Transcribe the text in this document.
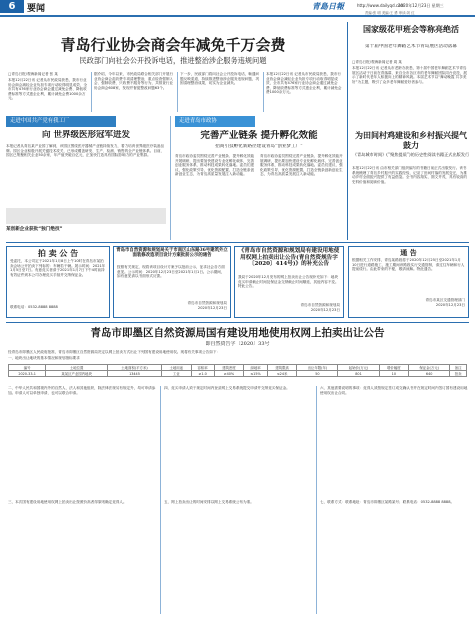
6	要闻	青島日報	http://www.dailyqd.com
2020年12月23日 星期三
责编:张 明 美编:王 勇 审读:刘 红
青岛行业协会商会年减免千万会费
民政部门向社会公开投诉电话，推进整治涉企服务违规问题
□青岛日报/观海新闻记者 张 某
本报12月22日讯 记者从市民政局获悉，我市行业协会商会减轻企业负担专项行动取得明显成效，全市共有476家行业协会商会通过减免会费、降低收费标准等方式惠企让利，累计减免会费1000余万元。
据介绍，今年以来，市民政局联合相关部门开展行业协会商会乱收费专项清理整治，重点检查强制入会、强制收费、只收费不服务等行为，共排查行业协会商会608家，发现并督促整改问题63个。
下一步，民政部门将向社会公开投诉电话，畅通问题反映渠道，持续推进整治涉企服务违规问题，巩固清理整治成果，切实为企业减负。
本报12月22日讯 记者从市民政局获悉，我市行业协会商会减轻企业负担专项行动取得明显成效，全市共有476家行业协会商会通过减免会费、降低收费标准等方式惠企让利，累计减免会费1000余万元。
国家级花甲班会等称亮绝活
第十届中国老年舞蹈艺术节青岛展区活动落幕
□青岛日报/观海新闻记者 周 某
本报12月22日讯 记者从市老龄办获悉，第十届中国老年舞蹈艺术节青岛展区活动于日前在青落幕，来自全市各区市的老年舞蹈团队同台竞技，展示了新时代老年人积极向上的精神风貌。本届艺术节以“舞动晚霞 共享美好”为主题，吸引了众多老年舞蹈爱好者参与。
走进中国共产党有我工厂	走进青岛市政协
向 世界级医形冠军进发
本报记者从青岛某产业园了解到，该园区围绕医疗器械产业链持续发力，着力培育世界级医疗装备品牌。园区企业积极开展关键技术攻关，已形成覆盖研发、生产、检测、销售的全产业链体系。目前，园区已集聚相关企业50余家，年产值突破百亿元，正加快打造具有国际影响力的产业集群。
某创新企业获批“独门绝技”
完善产业链条 提升孵化效能
招商引技孵化新路径建设青岛“创业梦工厂”
青岛市政协委员围绕完善产业链条、提升孵化效能开展调研，提出要加快建设专业化孵化载体，完善创业服务体系，推动科技成果转化落地。委员们建议，强化政策引导，优化资源配置，打造全链条创新创业生态，为青岛高质量发展注入新动能。
青岛市政协委员围绕完善产业链条、提升孵化效能开展调研，提出要加快建设专业化孵化载体，完善创业服务体系，推动科技成果转化落地。委员们建议，强化政策引导，优化资源配置，打造全链条创新创业生态，为青岛高质量发展注入新动能。
为田间村鸡建设和乡村振兴提气鼓力
《青岛城市时间》(“聚焦提质”)的历史性阅读书籍正式出版发行
本报12月22日讯 由市相关部门组织编写的书籍日前正式出版发行。该书系统梳理了青岛乡村振兴的实践经验，记录了田间村落的发展变迁，为推动乡村全面振兴提供了有益借鉴。全书内容翔实，图文并茂，具有较高的史料价值和阅读价值。
拍 卖 公 告
受委托，本公司定于2021年1月8日上午10时在青岛市某拍卖会场公开拍卖下列标的：车辆若干辆。展示时间：2021年1月5日至7日。有意竞买者请于2021年1月7日下午4时前持有效证件到本公司办理竞买手续并交纳保证金。
联系电话：0532-8888 8888
青岛市自然资源和规划局关于市南区山东路36号建筑外立面装修改造项目设计方案批前公示的通告
按照有关规定，现将该项目设计方案予以批前公示，征求社会各方面意见。公示时间：2020年12月23日至2021年1月1日。公示期间，如有意见请以书面形式反馈。
青岛市自然资源和规划局
2020年12月23日
《青岛市自然资源和规划局有建设用地使用权网上拍卖出让公告(青自然资规告字〔2020〕414号)》的补充公告
我局于2020年12月发布的网上拍卖出让公告现补充如下：地块竞买申请截止时间及保证金交纳截止时间顺延，其他内容不变。特此公告。
青岛市自然资源和规划局
2020年12月23日
通 告
根据相关工作安排，青岛某路段将于2020年12月25日至2021年1月10日进行道路施工，施工期间该路段实行交通管制，请过往车辆和行人提前绕行。由此带来的不便，敬请谅解。特此通告。
青岛市某区交通管理部门
2020年12月23日
青岛市即墨区自然资源局国有建设用地使用权网上拍卖出让公告
即自然资告字〔2020〕33号
经青岛市即墨区人民政府批准，青岛市即墨区自然资源局决定以网上拍卖方式出让下列国有建设用地使用权。现将有关事项公告如下：
一、地块出让地块的基本情况和规划指标要求
编号	土地位置	土地面积(平方米)	土地用途	容积率	建筑密度	绿地率	建筑限高	出让年限(年)	起始价(万元)	增价幅度	保证金(万元)	备注
2020-33-1	某某区产业园内地块	13445	工业	≥1.0	≥40%	≤15%	≤24米	50	801	10	640	拍卖
二、中华人民共和国境内外的自然人、法人和其他组织，除法律法规另有规定外，均可申请参加。申请人可以单独申请，也可以联合申请。
三、本次国有建设用地使用权网上拍卖出让按照价高者得原则确定竞得人。
四、竞买申请人须于规定时间内登录网上交易系统提交申请并交纳竞买保证金。
五、网上拍卖出让的时间安排以网上交易系统公布为准。
六、其他需要说明的事项：竞得人须按规定签订成交确认书并在规定时间内签订国有建设用地使用权出让合同。
七、联系方式：联系地址：青岛市即墨区某路某号；联系电话：0532-8888 8888。
